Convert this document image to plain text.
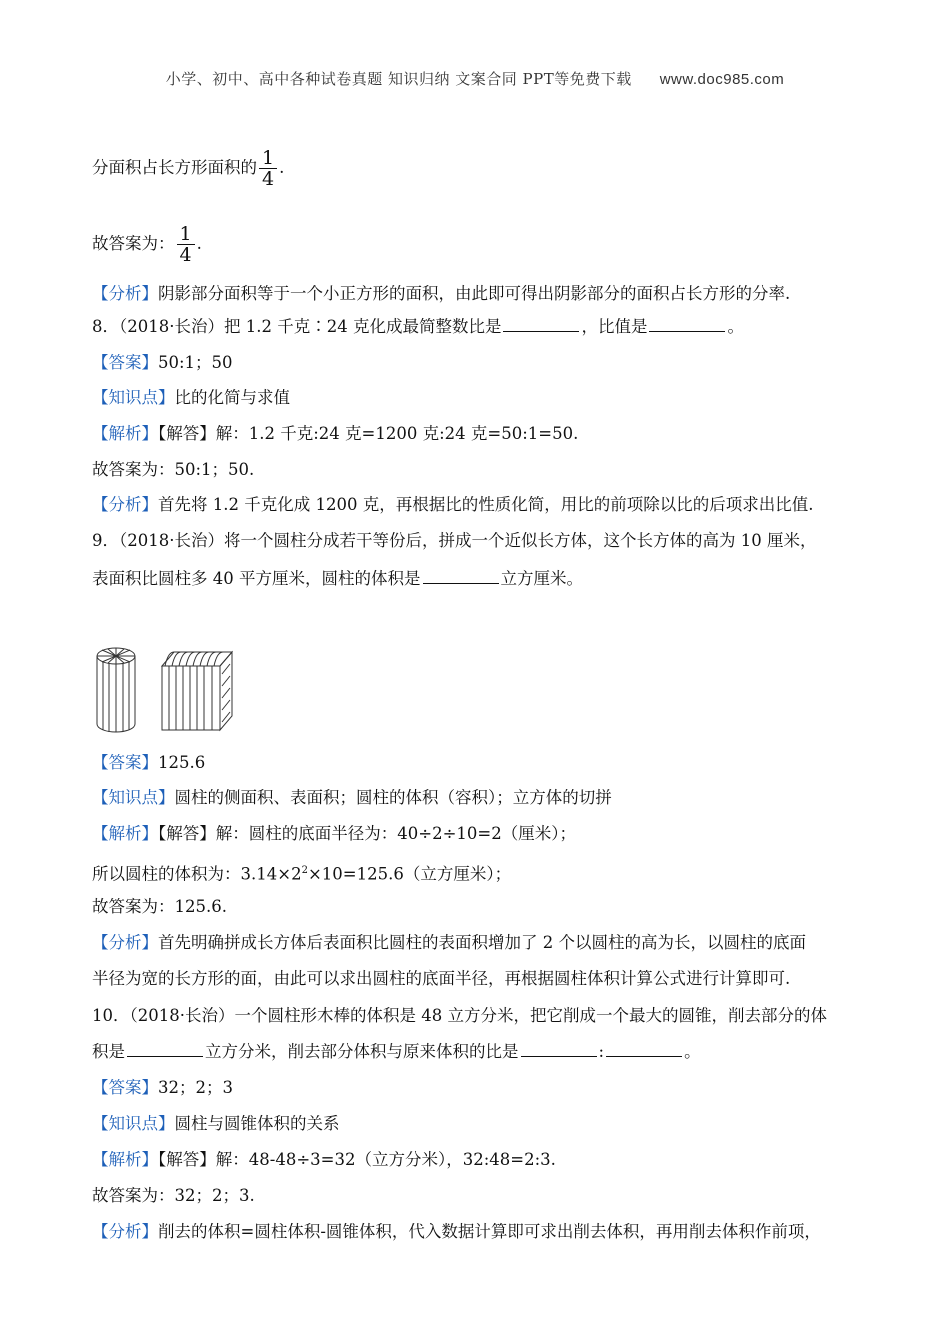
小学、初中、高中各种试卷真题 知识归纳 文案合同 PPT等免费下载 www.doc985.com
分面积占长方形面积的 $\frac{1}{4}$ .
故答案为： $\frac{1}{4}$ .
【分析】阴影部分面积等于一个小正方形的面积，由此即可得出阴影部分的面积占长方形的分率.
8．（2018·长治）把 1.2 千克∶24 克化成最简整数比是	，比值是	。
【答案】50:1；50
【知识点】比的化简与求值
【解析】【解答】解：1.2 千克:24 克=1200 克:24 克=50:1=50.
故答案为：50:1；50.
【分析】首先将 1.2 千克化成 1200 克，再根据比的性质化简，用比的前项除以比的后项求出比值.
9．（2018·长治）将一个圆柱分成若干等份后，拼成一个近似长方体，这个长方体的高为 10 厘米，
表面积比圆柱多 40 平方厘米，圆柱的体积是	立方厘米。
【答案】125.6
【知识点】圆柱的侧面积、表面积；圆柱的体积（容积）；立方体的切拼
【解析】【解答】解：圆柱的底面半径为：40÷2÷10=2（厘米）；
所以圆柱的体积为：$3.14\times 2^2\times 10=125.6$（立方厘米）；
故答案为：125.6.
【分析】首先明确拼成长方体后表面积比圆柱的表面积增加了 2 个以圆柱的高为长，以圆柱的底面
半径为宽的长方形的面，由此可以求出圆柱的底面半径，再根据圆柱体积计算公式进行计算即可.
10．（2018·长治）一个圆柱形木棒的体积是 48 立方分米，把它削成一个最大的圆锥，削去部分的体
积是	立方分米，削去部分体积与原来体积的比是	:	。
【答案】32；2；3
【知识点】圆柱与圆锥体积的关系
【解析】【解答】解：48-48÷3=32（立方分米），32:48=2:3.
故答案为：32；2；3.
【分析】削去的体积=圆柱体积-圆锥体积，代入数据计算即可求出削去体积，再用削去体积作前项，
